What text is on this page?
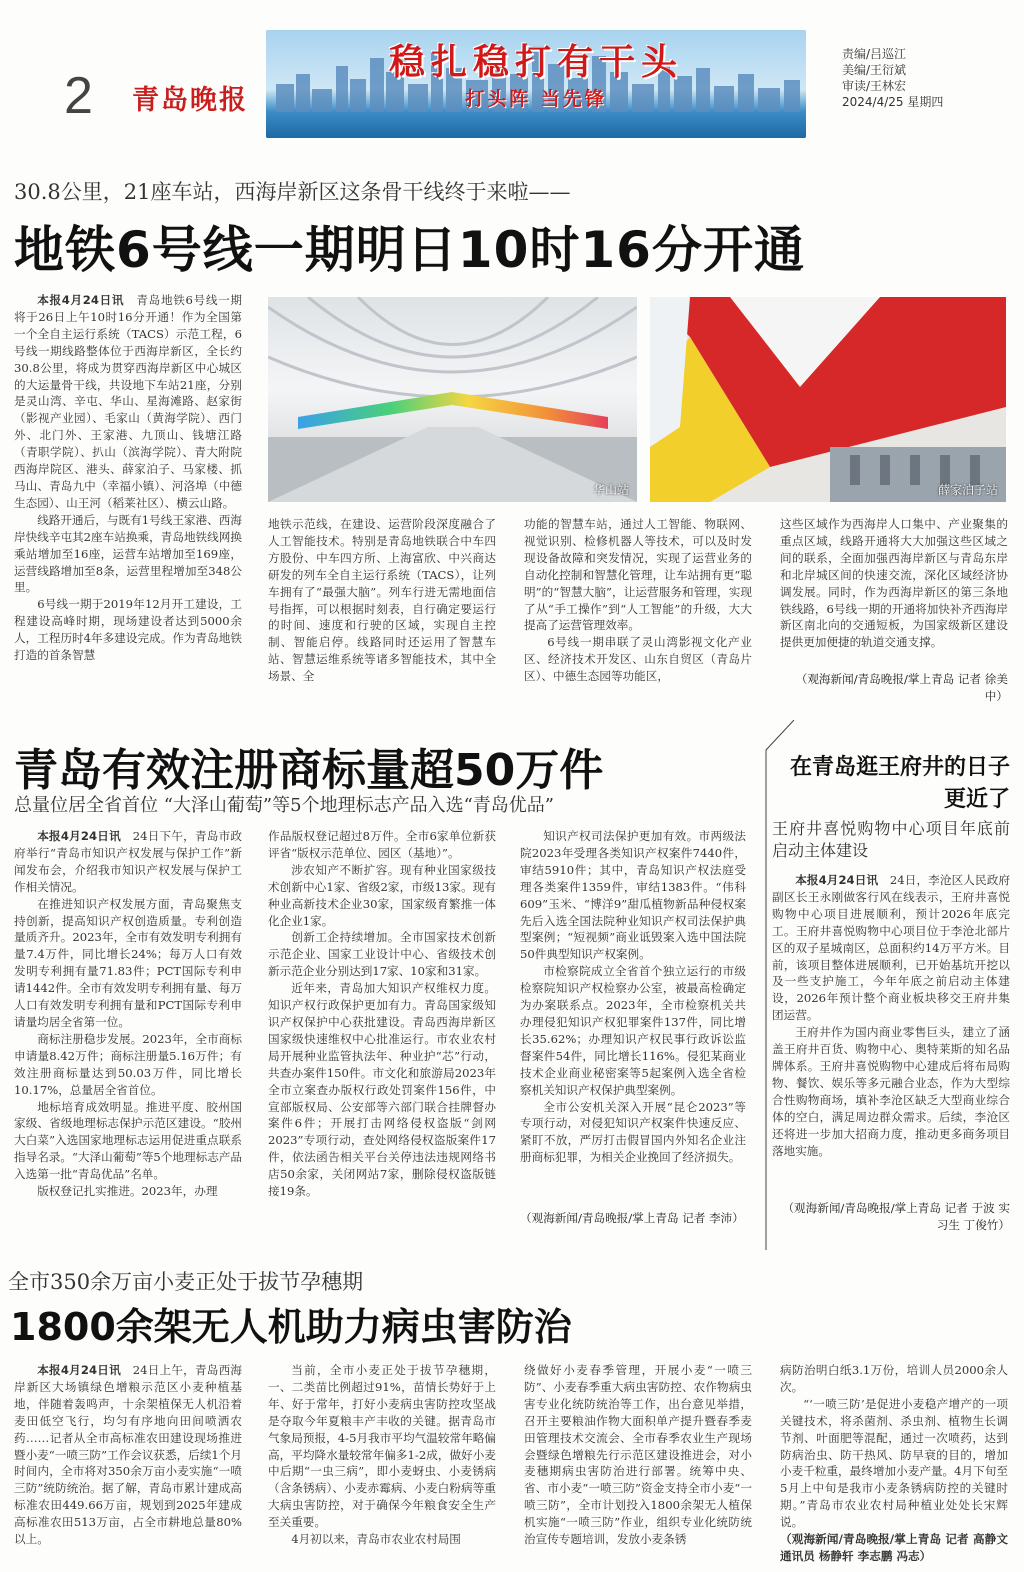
2 青岛晚报
稳扎稳打有干头
打头阵 当先锋
责编/吕巡江
美编/王衍斌
审读/王林宏
2024/4/25 星期四
30.8公里，21座车站，西海岸新区这条骨干线终于来啦——
地铁6号线一期明日10时16分开通

本报4月24日讯　 青岛地铁6号线一期将于26日上午10时16分开通！作为全国第一个全自主运行系统（TACS）示范工程，6号线一期线路整体位于西海岸新区，全长约30.8公里，将成为贯穿西海岸新区中心城区的大运量骨干线，共设地下车站21座，分别是灵山湾、辛屯、华山、星海滩路、赵家街（影视产业园）、毛家山（黄海学院）、西门外、北门外、王家港、九顶山、钱塘江路（青职学院）、扒山（滨海学院）、青大附院西海岸院区、港头、薛家泊子、马家楼、抓马山、青岛九中（幸福小镇）、河洛埠（中德生态园）、山王河（稻莱社区）、横云山路。

线路开通后，与既有1号线王家港、西海岸快线辛屯其2座车站换乘，青岛地铁线网换乘站增加至16座，运营车站增加至169座，运营线路增加至8条，运营里程增加至348公里。

6号线一期于2019年12月开工建设，工程建设高峰时期，现场建设者达到5000余人，工程历时4年多建设完成。作为青岛地铁打造的首条智慧

华山站	薛家泊子站

地铁示范线，在建设、运营阶段深度融合了人工智能技术。特别是青岛地铁联合中车四方股份、中车四方所、上海富欣、中兴商达研发的列车全自主运行系统（TACS），让列车拥有了“最强大脑”。列车行进无需地面信号指挥，可以根据时刻表，自行确定要运行的时间、速度和行驶的区域，实现自主控制、智能启停。线路同时还运用了智慧车站、智慧运维系统等诸多智能技术，其中全场景、全

功能的智慧车站，通过人工智能、物联网、视觉识别、检修机器人等技术，可以及时发现设备故障和突发情况，实现了运营业务的自动化控制和智慧化管理，让车站拥有更“聪明”的“智慧大脑”，让运营服务和管理，实现了从“手工操作”到“人工智能”的升级，大大提高了运营管理效率。

6号线一期串联了灵山湾影视文化产业区、经济技术开发区、山东自贸区（青岛片区）、中德生态园等功能区，

这些区域作为西海岸人口集中、产业聚集的重点区域，线路开通将大大加强这些区域之间的联系，全面加强西海岸新区与青岛东岸和北岸城区间的快速交流，深化区域经济协调发展。同时，作为西海岸新区的第三条地铁线路，6号线一期的开通将加快补齐西海岸新区南北向的交通短板，为国家级新区建设提供更加便捷的轨道交通支撑。

（观海新闻/青岛晚报/掌上青岛 记者 徐美中）
青岛有效注册商标量超50万件
总量位居全省首位 “大泽山葡萄”等5个地理标志产品入选“青岛优品”

本报4月24日讯　 24日下午，青岛市政府举行“青岛市知识产权发展与保护工作”新闻发布会，介绍我市知识产权发展与保护工作相关情况。

在推进知识产权发展方面，青岛聚焦支持创新，提高知识产权创造质量。专利创造量质齐升。2023年，全市有效发明专利拥有量7.4万件，同比增长24%；每万人口有效发明专利拥有量71.83件；PCT国际专利申请1442件。全市有效发明专利拥有量、每万人口有效发明专利拥有量和PCT国际专利申请量均居全省第一位。

商标注册稳步发展。2023年，全市商标申请量8.42万件；商标注册量5.16万件；有效注册商标量达到50.03万件，同比增长10.17%，总量居全省首位。

地标培育成效明显。推进平度、胶州国家级、省级地理标志保护示范区建设。“胶州大白菜”入选国家地理标志运用促进重点联系指导名录。“大泽山葡萄”等5个地理标志产品入选第一批“青岛优品”名单。

版权登记扎实推进。2023年，办理

作品版权登记超过8万件。全市6家单位新获评省“版权示范单位、园区（基地）”。

涉农知产不断扩容。现有种业国家级技术创新中心1家、省级2家，市级13家。现有种业高新技术企业30家，国家级育繁推一体化企业1家。

创新工企持续增加。全市国家技术创新示范企业、国家工业设计中心、省级技术创新示范企业分别达到17家、10家和31家。

近年来，青岛加大知识产权维权力度。知识产权行政保护更加有力。青岛国家级知识产权保护中心获批建设。青岛西海岸新区国家级快速维权中心批准运行。市农业农村局开展种业监管执法年、种业护“芯”行动，共查办案件150件。市文化和旅游局2023年全市立案查办版权行政处罚案件156件，中宣部版权局、公安部等六部门联合挂牌督办案件6件；开展打击网络侵权盗版“剑网2023”专项行动，查处网络侵权盗版案件17件，依法函告相关平台关停违法违规网络书店50余家，关闭网站7家，删除侵权盗版链接19条。

知识产权司法保护更加有效。市两级法院2023年受理各类知识产权案件7440件，审结5910件；其中，青岛知识产权法庭受理各类案件1359件，审结1383件。“伟科609”玉米、“博洋9”甜瓜植物新品种侵权案先后入选全国法院种业知识产权司法保护典型案例；“短视频”商业诋毁案入选中国法院50件典型知识产权案例。

市检察院成立全省首个独立运行的市级检察院知识产权检察办公室，被最高检确定为办案联系点。2023年，全市检察机关共办理侵犯知识产权犯罪案件137件，同比增长35.62%；办理知识产权民事行政诉讼监督案件54件，同比增长116%。侵犯某商业技术企业商业秘密案等5起案例入选全省检察机关知识产权保护典型案例。

全市公安机关深入开展“昆仑2023”等专项行动，对侵犯知识产权案件快速反应、紧盯不放，严厉打击假冒国内外知名企业注册商标犯罪，为相关企业挽回了经济损失。

（观海新闻/青岛晚报/掌上青岛 记者 李沛）
在青岛逛王府井的日子更近了
王府井喜悦购物中心项目年底前启动主体建设

本报4月24日讯　 24日，李沧区人民政府副区长王永刚做客行风在线表示，王府井喜悦购物中心项目进展顺利，预计2026年底完工。王府井喜悦购物中心项目位于李沧北部片区的双子星城南区，总面积约14万平方米。目前，该项目整体进展顺利，已开始基坑开挖以及一些支护施工，今年年底之前启动主体建设，2026年预计整个商业板块移交王府井集团运营。

王府井作为国内商业零售巨头，建立了涵盖王府井百货、购物中心、奥特莱斯的知名品牌体系。王府井喜悦购物中心建成后将布局购物、餐饮、娱乐等多元融合业态，作为大型综合性购物商场，填补李沧区缺乏大型商业综合体的空白，满足周边群众需求。后续，李沧区还将进一步加大招商力度，推动更多商务项目落地实施。

（观海新闻/青岛晚报/掌上青岛 记者 于波 实习生 丁俊竹）
全市350余万亩小麦正处于拔节孕穗期
1800余架无人机助力病虫害防治

本报4月24日讯　 24日上午，青岛西海岸新区大场镇绿色增粮示范区小麦种植基地，伴随着轰鸣声，十余架植保无人机沿着麦田低空飞行，均匀有序地向田间喷洒农药……记者从全市高标准农田建设现场推进暨小麦“一喷三防”工作会议获悉，后续1个月时间内，全市将对350余万亩小麦实施“一喷三防”统防统治。据了解，青岛市累计建成高标准农田449.66万亩，规划到2025年建成高标准农田513万亩，占全市耕地总量80%以上。

当前，全市小麦正处于拔节孕穗期，一、二类苗比例超过91%，苗情长势好于上年、好于常年，打好小麦病虫害防控攻坚战是夺取今年夏粮丰产丰收的关键。据青岛市气象局预报，4-5月我市平均气温较常年略偏高，平均降水量较常年偏多1-2成，做好小麦中后期“一虫三病”，即小麦蚜虫、小麦锈病（含条锈病）、小麦赤霉病、小麦白粉病等重大病虫害防控，对于确保今年粮食安全生产至关重要。

4月初以来，青岛市农业农村局围

绕做好小麦春季管理，开展小麦“一喷三防”、小麦春季重大病虫害防控、农作物病虫害专业化统防统治等工作，出台意见举措，召开主要粮油作物大面积单产提升暨春季麦田管理技术交流会、全市春季农业生产现场会暨绿色增粮先行示范区建设推进会，对小麦穗期病虫害防治进行部署。统筹中央、省、市小麦“一喷三防”资金支持全市小麦“一喷三防”，全市计划投入1800余架无人植保机实施“一喷三防”作业，组织专业化统防统治宣传专题培训，发放小麦条锈

病防治明白纸3.1万份，培训人员2000余人次。

“‘一喷三防’是促进小麦稳产增产的一项关键技术，将杀菌剂、杀虫剂、植物生长调节剂、叶面肥等混配，通过一次喷药，达到防病治虫、防干热风、防早衰的目的，增加小麦千粒重，最终增加小麦产量。4月下旬至5月上中旬是我市小麦条锈病防控的关键时期。”青岛市农业农村局种植业处处长宋辉说。

（观海新闻/青岛晚报/掌上青岛 记者 高静文 通讯员 杨静轩 李志鹏 冯志）
